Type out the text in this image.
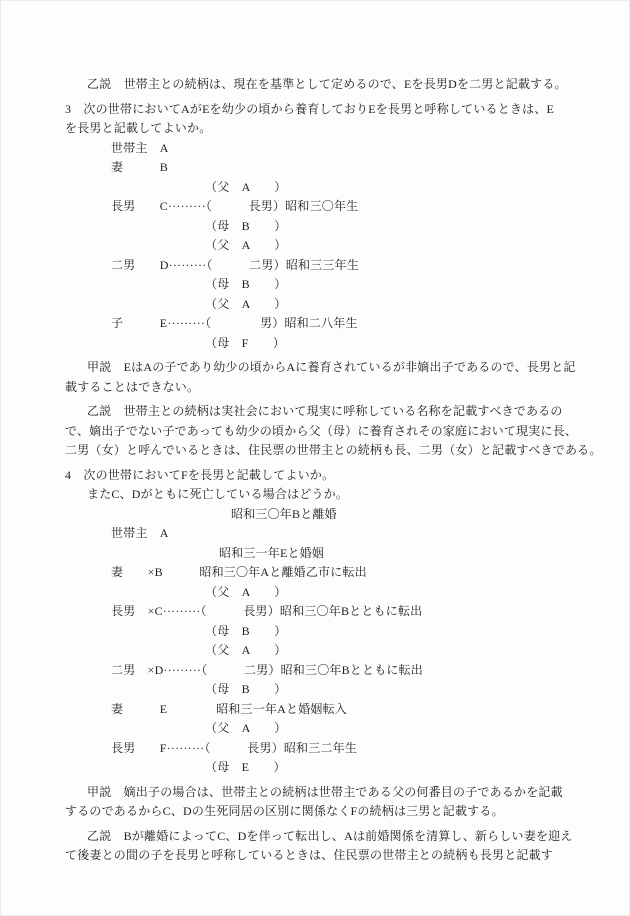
乙説　世帯主との続柄は、現在を基準として定めるので、Eを長男Dを二男と記載する。
3　次の世帯においてAがEを幼少の頃から養育しておりEを長男と呼称しているときは、E
を長男と記載してよいか。
世帯主　A
妻　　　B
（父　A　　）
長男　　C·········（　　　長男）昭和三〇年生
（母　B　　）
（父　A　　）
二男　　D·········（　　　二男）昭和三三年生
（母　B　　）
（父　A　　）
子　　　E·········（　　　　男）昭和二八年生
（母　F　　）
甲説　EはAの子であり幼少の頃からAに養育されているが非嫡出子であるので、長男と記
載することはできない。
乙説　世帯主との続柄は実社会において現実に呼称している名称を記載すべきであるの
で、嫡出子でない子であっても幼少の頃から父（母）に養育されその家庭において現実に長、
二男（女）と呼んでいるときは、住民票の世帯主との続柄も長、二男（女）と記載すべきである。
4　次の世帯においてFを長男と記載してよいか。
またC、Dがともに死亡している場合はどうか。
昭和三〇年Bと離婚
世帯主　A
昭和三一年Eと婚姻
妻　　×B　　　昭和三〇年Aと離婚乙市に転出
（父　A　　）
長男　×C·········（　　　長男）昭和三〇年Bとともに転出
（母　B　　）
（父　A　　）
二男　×D·········（　　　二男）昭和三〇年Bとともに転出
（母　B　　）
妻　　　E　　　　昭和三一年Aと婚姻転入
（父　A　　）
長男　　F·········（　　　長男）昭和三二年生
（母　E　　）
甲説　嫡出子の場合は、世帯主との続柄は世帯主である父の何番目の子であるかを記載
するのであるからC、Dの生死同居の区別に関係なくFの続柄は三男と記載する。
乙説　Bが離婚によってC、Dを伴って転出し、Aは前婚関係を清算し、新らしい妻を迎え
て後妻との間の子を長男と呼称しているときは、住民票の世帯主との続柄も長男と記載す
